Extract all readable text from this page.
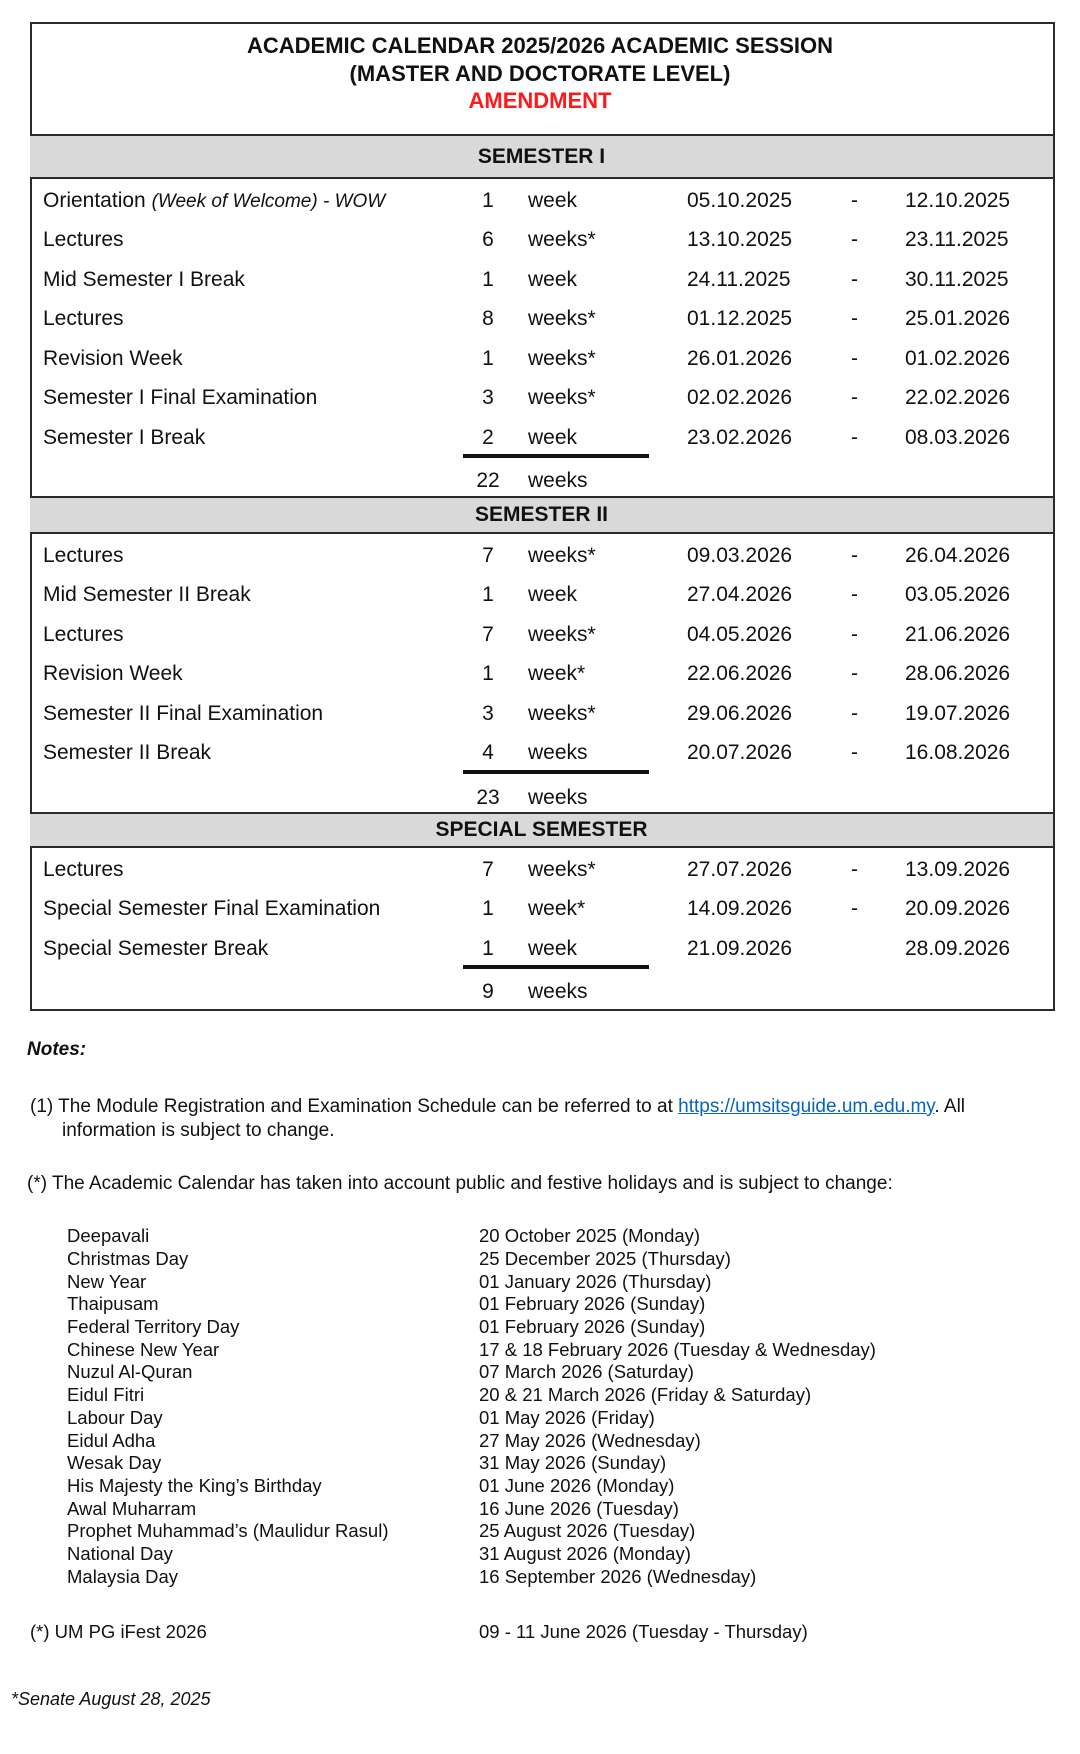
ACADEMIC CALENDAR 2025/2026 ACADEMIC SESSION
(MASTER AND DOCTORATE LEVEL)
AMENDMENT
SEMESTER I
Orientation (Week of Welcome) - WOW	1	week	05.10.2025	- 12.10.2025
Lectures	6	weeks*	13.10.2025	- 23.11.2025
Mid Semester I Break	1	week	24.11.2025	- 30.11.2025
Lectures	8	weeks*	01.12.2025	- 25.01.2026
Revision Week	1	weeks*	26.01.2026	- 01.02.2026
Semester I Final Examination	3	weeks*	02.02.2026	- 22.02.2026
Semester I Break	2	week	23.02.2026	- 08.03.2026
22 weeks
SEMESTER II
Lectures	7	weeks*	09.03.2026	- 26.04.2026
Mid Semester II Break	1	week	27.04.2026	- 03.05.2026
Lectures	7	weeks*	04.05.2026	- 21.06.2026
Revision Week	1	week*	22.06.2026	- 28.06.2026
Semester II Final Examination	3	weeks*	29.06.2026	- 19.07.2026
Semester II Break	4	weeks	20.07.2026	- 16.08.2026
23 weeks
SPECIAL SEMESTER
Lectures	7	weeks*	27.07.2026	- 13.09.2026
Special Semester Final Examination	1	week*	14.09.2026	- 20.09.2026
Special Semester Break	1	week	21.09.2026	28.09.2026
9	weeks
Notes:
(1) The Module Registration and Examination Schedule can be referred to at https://umsitsguide.um.edu.my. All
information is subject to change.
(*) The Academic Calendar has taken into account public and festive holidays and is subject to change:
Deepavali	20 October 2025 (Monday)
Christmas Day	25 December 2025 (Thursday)
New Year	01 January 2026 (Thursday)
Thaipusam	01 February 2026 (Sunday)
Federal Territory Day	01 February 2026 (Sunday)
Chinese New Year	17 & 18 February 2026 (Tuesday & Wednesday)
Nuzul Al-Quran	07 March 2026 (Saturday)
Eidul Fitri	20 & 21 March 2026 (Friday & Saturday)
Labour Day	01 May 2026 (Friday)
Eidul Adha	27 May 2026 (Wednesday)
Wesak Day	31 May 2026 (Sunday)
His Majesty the King’s Birthday	01 June 2026 (Monday)
Awal Muharram	16 June 2026 (Tuesday)
Prophet Muhammad’s (Maulidur Rasul)	25 August 2026 (Tuesday)
National Day	31 August 2026 (Monday)
Malaysia Day	16 September 2026 (Wednesday)
(*) UM PG iFest 2026	09 - 11 June 2026 (Tuesday - Thursday)
*Senate August 28, 2025
